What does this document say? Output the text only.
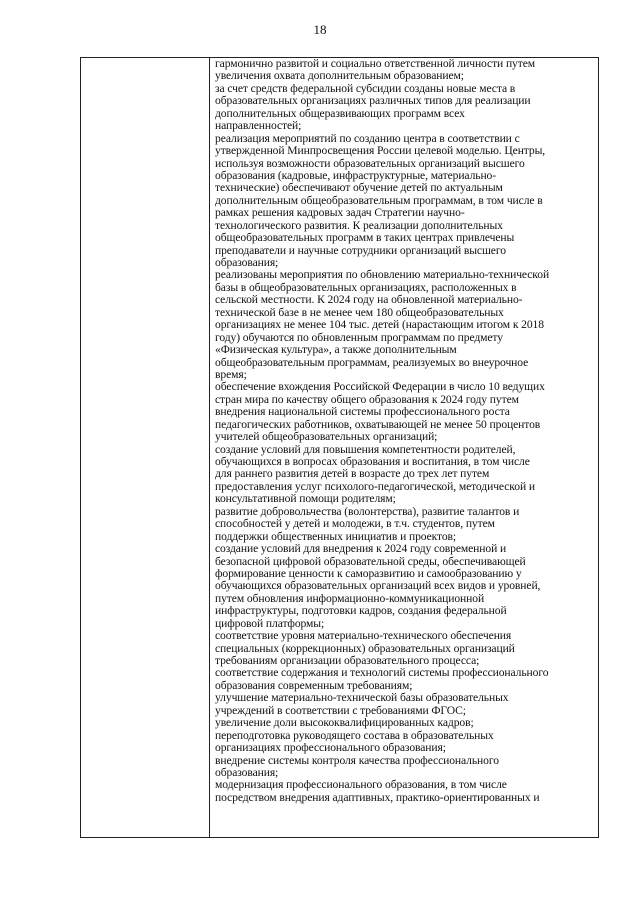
18
гармонично развитой и социально ответственной личности путем
увеличения охвата дополнительным образованием;
за счет средств федеральной субсидии созданы новые места в
образовательных организациях различных типов для реализации
дополнительных общеразвивающих программ всех
направленностей;
реализация мероприятий по созданию центра в соответствии с
утвержденной Минпросвещения России целевой моделью. Центры,
используя возможности образовательных организаций высшего
образования (кадровые, инфраструктурные, материально-
технические) обеспечивают обучение детей по актуальным
дополнительным общеобразовательным программам, в том числе в
рамках решения кадровых задач Стратегии научно-
технологического развития. К реализации дополнительных
общеобразовательных программ в таких центрах привлечены
преподаватели и научные сотрудники организаций высшего
образования;
реализованы мероприятия по обновлению материально-технической
базы в общеобразовательных организациях, расположенных в
сельской местности. К 2024 году на обновленной материально-
технической базе в не менее чем 180 общеобразовательных
организациях не менее 104 тыс. детей (нарастающим итогом к 2018
году) обучаются по обновленным программам по предмету
«Физическая культура», а также дополнительным
общеобразовательным программам, реализуемых во внеурочное
время;
обеспечение вхождения Российской Федерации в число 10 ведущих
стран мира по качеству общего образования к 2024 году путем
внедрения национальной системы профессионального роста
педагогических работников, охватывающей не менее 50 процентов
учителей общеобразовательных организаций;
создание условий для повышения компетентности родителей,
обучающихся в вопросах образования и воспитания, в том числе
для раннего развития детей в возрасте до трех лет путем
предоставления услуг психолого-педагогической, методической и
консультативной помощи родителям;
развитие добровольчества (волонтерства), развитие талантов и
способностей у детей и молодежи, в т.ч. студентов, путем
поддержки общественных инициатив и проектов;
создание условий для внедрения к 2024 году современной и
безопасной цифровой образовательной среды, обеспечивающей
формирование ценности к саморазвитию и самообразованию у
обучающихся образовательных организаций всех видов и уровней,
путем обновления информационно-коммуникационной
инфраструктуры, подготовки кадров, создания федеральной
цифровой платформы;
соответствие уровня материально-технического обеспечения
специальных (коррекционных) образовательных организаций
требованиям организации образовательного процесса;
соответствие содержания и технологий системы профессионального
образования современным требованиям;
улучшение материально-технической базы образовательных
учреждений в соответствии с требованиями ФГОС;
увеличение доли высококвалифицированных кадров;
переподготовка руководящего состава в образовательных
организациях профессионального образования;
внедрение системы контроля качества профессионального
образования;
модернизация профессионального образования, в том числе
посредством внедрения адаптивных, практико-ориентированных и
